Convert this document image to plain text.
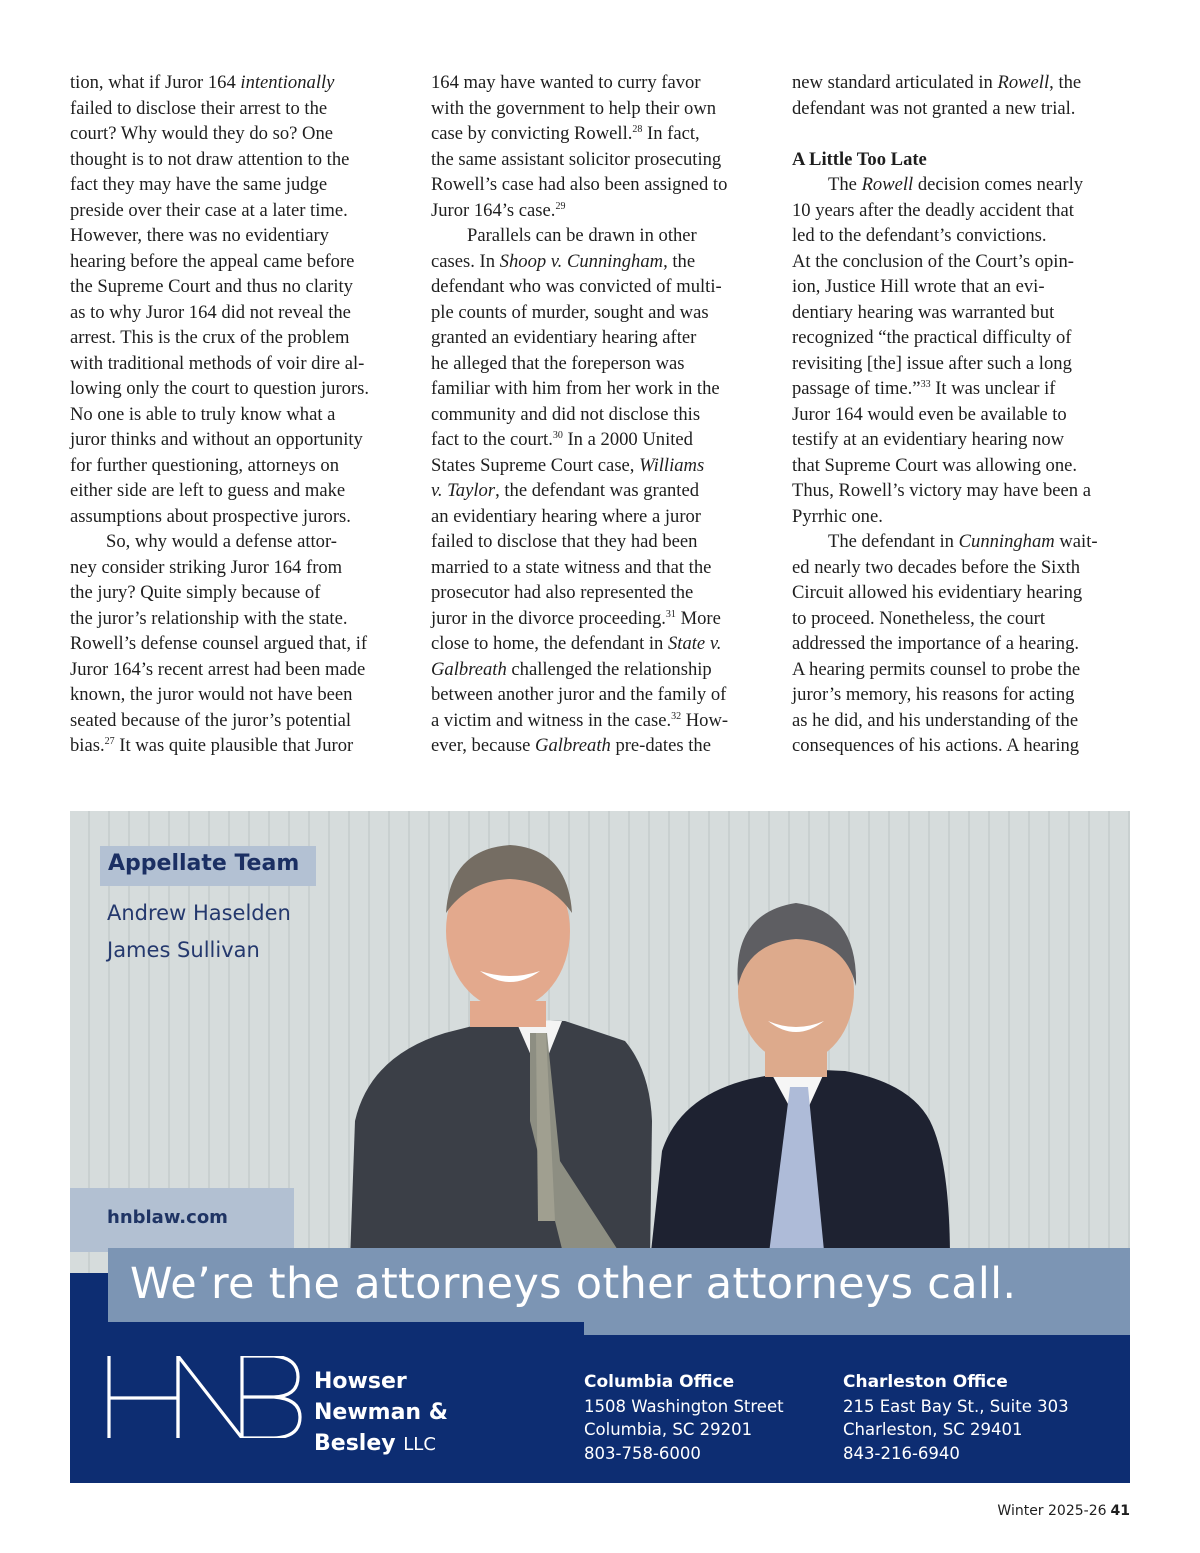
tion, what if Juror 164 intentionally
failed to disclose their arrest to the
court? Why would they do so? One
thought is to not draw attention to the
fact they may have the same judge
preside over their case at a later time.
However, there was no evidentiary
hearing before the appeal came before
the Supreme Court and thus no clarity
as to why Juror 164 did not reveal the
arrest. This is the crux of the problem
with traditional methods of voir dire al-
lowing only the court to question jurors.
No one is able to truly know what a
juror thinks and without an opportunity
for further questioning, attorneys on
either side are left to guess and make
assumptions about prospective jurors.
So, why would a defense attor-
ney consider striking Juror 164 from
the jury? Quite simply because of
the juror’s relationship with the state.
Rowell’s defense counsel argued that, if
Juror 164’s recent arrest had been made
known, the juror would not have been
seated because of the juror’s potential
bias.$^{27}$ It was quite plausible that Juror
164 may have wanted to curry favor
with the government to help their own
case by convicting Rowell.$^{28}$ In fact,
the same assistant solicitor prosecuting
Rowell’s case had also been assigned to
Juror 164’s case.$^{29}$
Parallels can be drawn in other
cases. In Shoop v. Cunningham, the
defendant who was convicted of multi-
ple counts of murder, sought and was
granted an evidentiary hearing after
he alleged that the foreperson was
familiar with him from her work in the
community and did not disclose this
fact to the court.$^{30}$ In a 2000 United
States Supreme Court case, Williams
v. Taylor, the defendant was granted
an evidentiary hearing where a juror
failed to disclose that they had been
married to a state witness and that the
prosecutor had also represented the
juror in the divorce proceeding.$^{31}$ More
close to home, the defendant in State v.
Galbreath challenged the relationship
between another juror and the family of
a victim and witness in the case.$^{32}$ How-
ever, because Galbreath pre-dates the
new standard articulated in Rowell, the
defendant was not granted a new trial.
A Little Too Late
The Rowell decision comes nearly
10 years after the deadly accident that
led to the defendant’s convictions.
At the conclusion of the Court’s opin-
ion, Justice Hill wrote that an evi-
dentiary hearing was warranted but
recognized “the practical difficulty of
revisiting [the] issue after such a long
passage of time.”$^{33}$ It was unclear if
Juror 164 would even be available to
testify at an evidentiary hearing now
that Supreme Court was allowing one.
Thus, Rowell’s victory may have been a
Pyrrhic one.
The defendant in Cunningham wait-
ed nearly two decades before the Sixth
Circuit allowed his evidentiary hearing
to proceed. Nonetheless, the court
addressed the importance of a hearing.
A hearing permits counsel to probe the
juror’s memory, his reasons for acting
as he did, and his understanding of the
consequences of his actions. A hearing
Appellate Team
Andrew Haselden
James Sullivan
hnblaw.com
We’re the attorneys other attorneys call.
Howser
Newman &
Besley LLC
Columbia Office
1508 Washington Street
Columbia, SC 29201
803-758-6000
Charleston Office
215 East Bay St., Suite 303
Charleston, SC 29401
843-216-6940
Winter 2025-26 41
